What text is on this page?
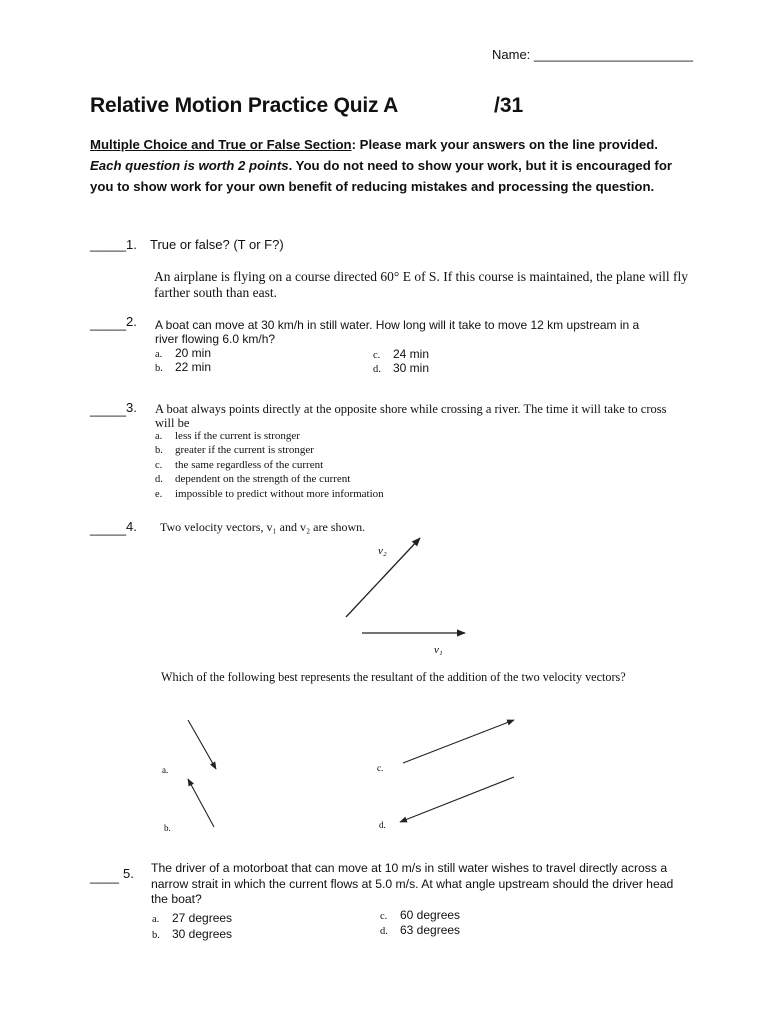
Name: ______________________
Relative Motion Practice Quiz A	/31
Multiple Choice and True or False Section: Please mark your answers on the line provided. Each question is worth 2 points. You do not need to show your work, but it is encouraged for you to show work for your own benefit of reducing mistakes and processing the question.
_____ 1. True or false? (T or F?)
An airplane is flying on a course directed 60° E of S. If this course is maintained, the plane will fly farther south than east.
_____ 2. A boat can move at 30 km/h in still water. How long will it take to move 12 km upstream in a river flowing 6.0 km/h?
a. 20 min
b. 22 min
c. 24 min
d. 30 min
_____ 3. A boat always points directly at the opposite shore while crossing a river. The time it will take to cross will be
a. less if the current is stronger
b. greater if the current is stronger
c. the same regardless of the current
d. dependent on the strength of the current
e. impossible to predict without more information
_____ 4. Two velocity vectors, v₁ and v₂ are shown.
v₂
v₁
a.
b.
c.
d.
Which of the following best represents the resultant of the addition of the two velocity vectors?
____ 5. The driver of a motorboat that can move at 10 m/s in still water wishes to travel directly across a narrow strait in which the current flows at 5.0 m/s. At what angle upstream should the driver head the boat?
a. 27 degrees
b. 30 degrees
c. 60 degrees
d. 63 degrees
